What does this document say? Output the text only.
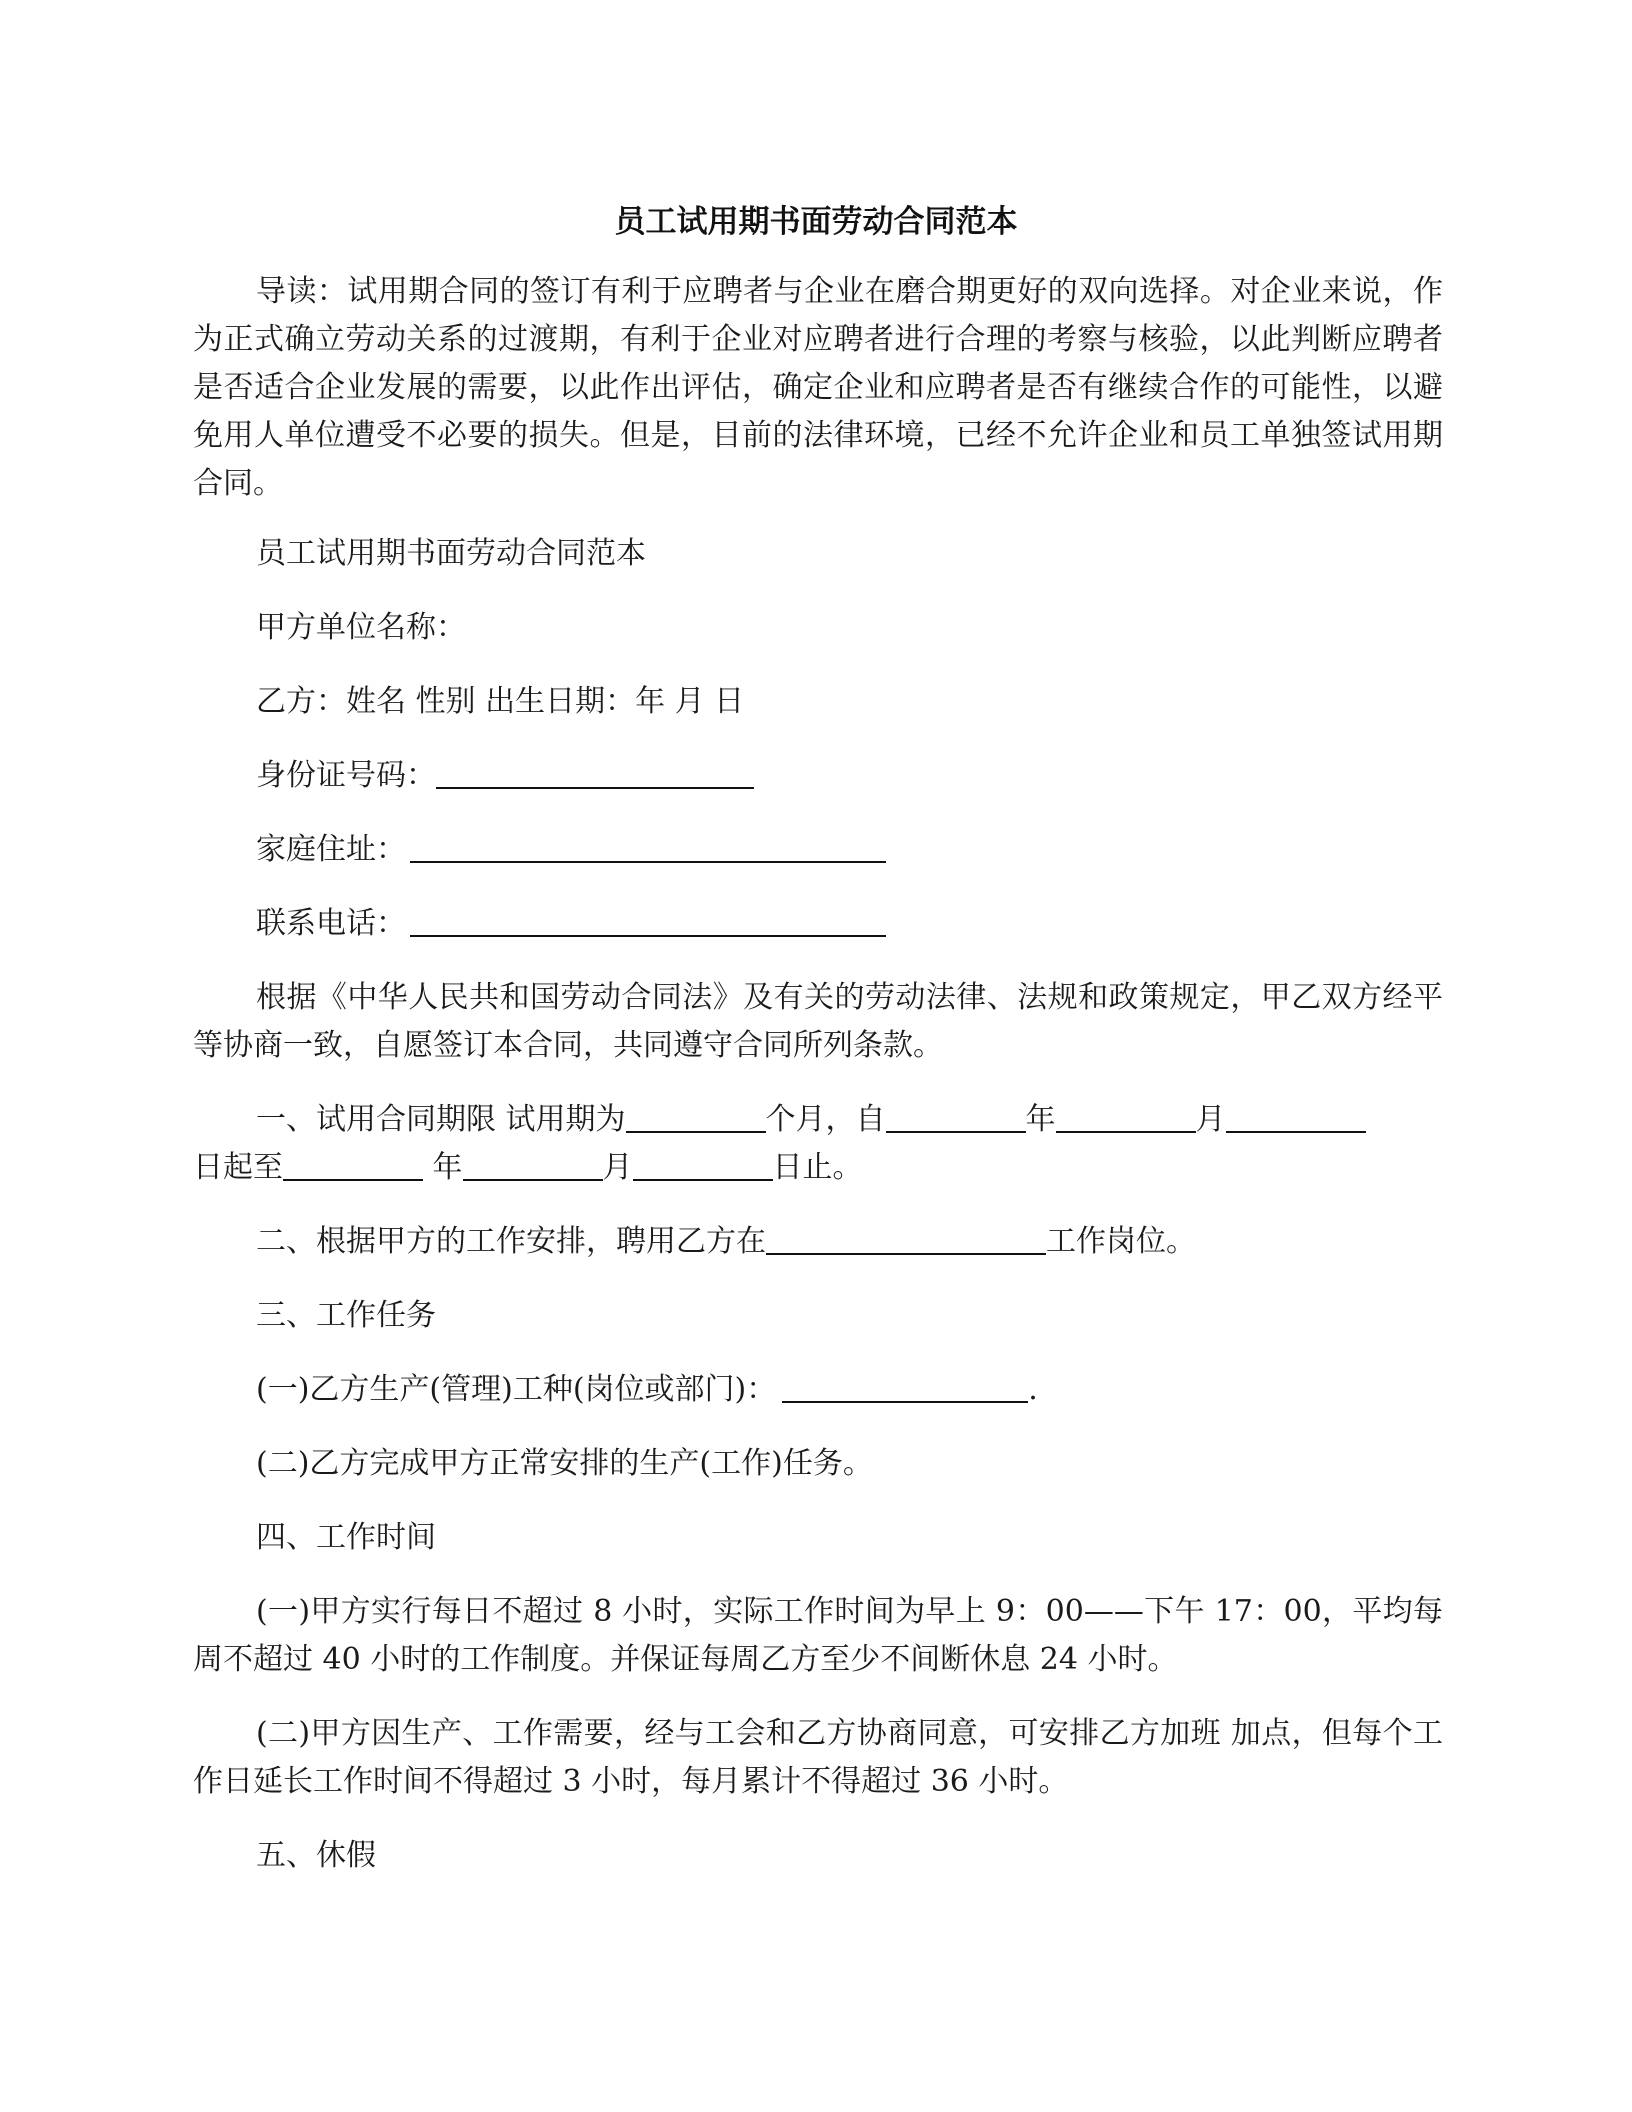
员工试用期书面劳动合同范本

导读：试用期合同的签订有利于应聘者与企业在磨合期更好的双向选择。对企业来说，作为正式确立劳动关系的过渡期，有利于企业对应聘者进行合理的考察与核验，以此判断应聘者是否适合企业发展的需要，以此作出评估，确定企业和应聘者是否有继续合作的可能性，以避免用人单位遭受不必要的损失。但是，目前的法律环境，已经不允许企业和员工单独签试用期合同。

员工试用期书面劳动合同范本

甲方单位名称：

乙方：姓名 性别 出生日期：年 月 日

身份证号码：

家庭住址：

联系电话：

根据《中华人民共和国劳动合同法》及有关的劳动法律、法规和政策规定，甲乙双方经平等协商一致，自愿签订本合同，共同遵守合同所列条款。

一、试用合同期限 试用期为	个月，自	年	月

日起至	年	月	日止。

二、根据甲方的工作安排，聘用乙方在	工作岗位。

三、工作任务

(一)乙方生产(管理)工种(岗位或部门)：	.

(二)乙方完成甲方正常安排的生产(工作)任务。

四、工作时间

(一)甲方实行每日不超过 8 小时，实际工作时间为早上 9：00——下午 17：00，平均每周不超过 40 小时的工作制度。并保证每周乙方至少不间断休息 24 小时。

(二)甲方因生产、工作需要，经与工会和乙方协商同意，可安排乙方加班 加点，但每个工作日延长工作时间不得超过 3 小时，每月累计不得超过 36 小时。

五、休假
